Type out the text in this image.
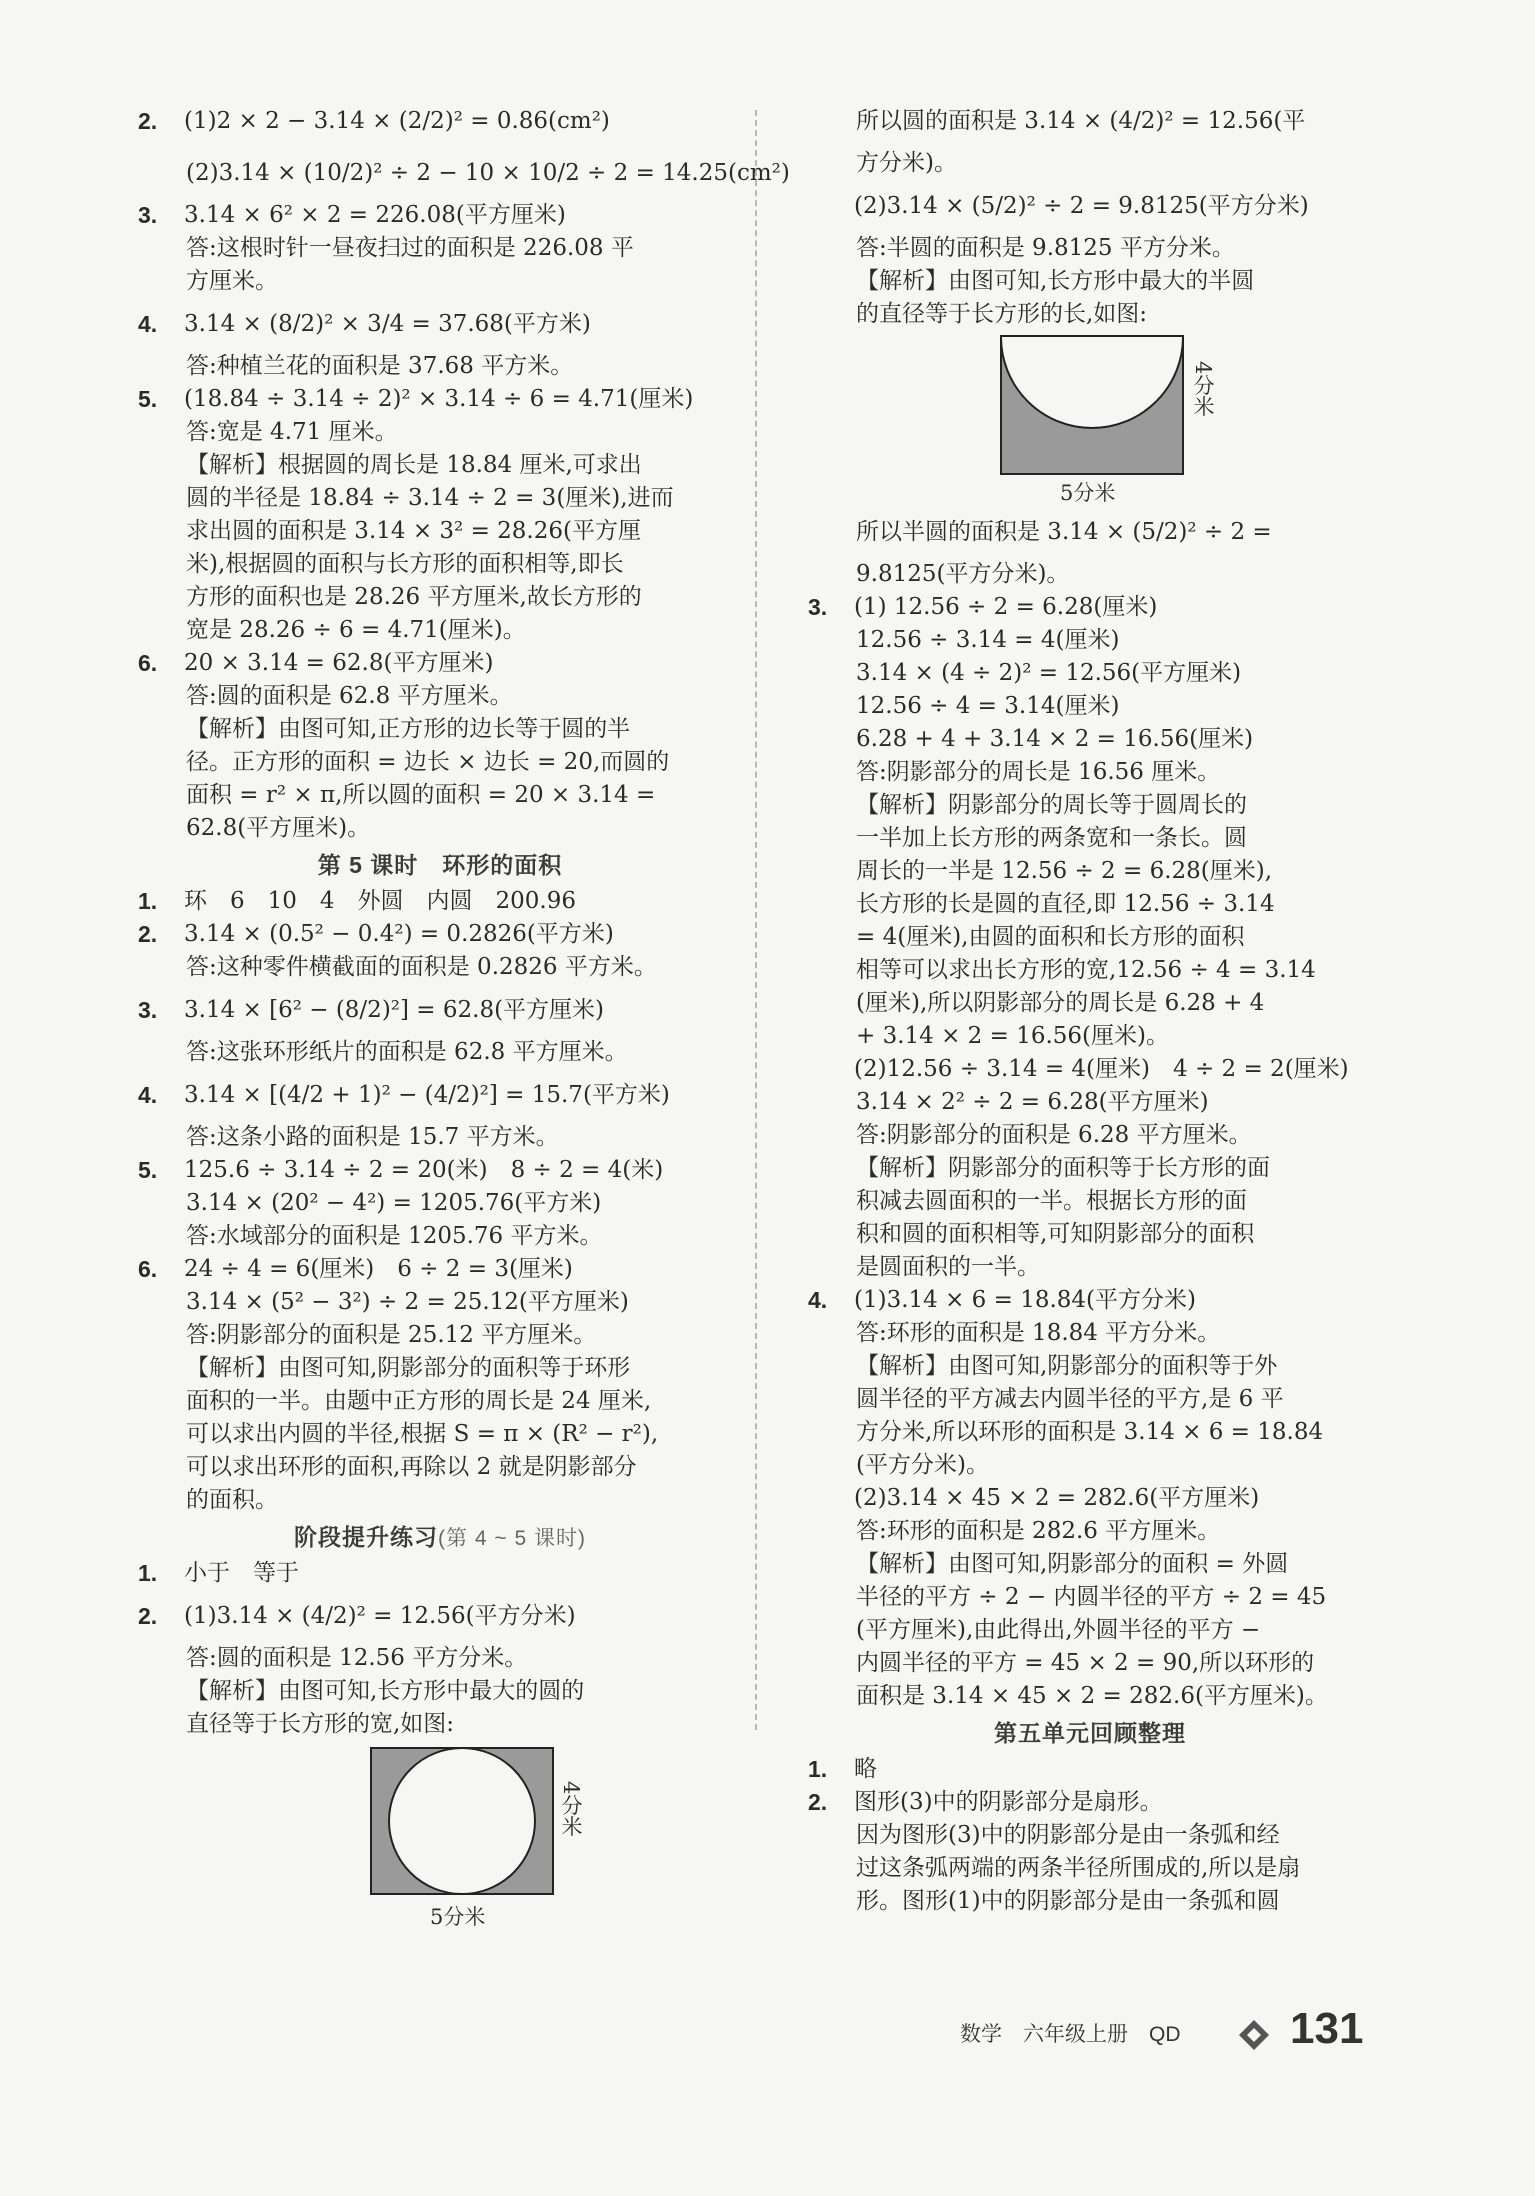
2.	(1)2 × 2 − 3.14 × (2/2)² = 0.86(cm²)
(2)3.14 × (10/2)² ÷ 2 − 10 × 10/2 ÷ 2 = 14.25(cm²)
3.	3.14 × 6² × 2 = 226.08(平方厘米)
答:这根时针一昼夜扫过的面积是 226.08 平
方厘米。
4.	3.14 × (8/2)² × 3/4 = 37.68(平方米)
答:种植兰花的面积是 37.68 平方米。
5.	(18.84 ÷ 3.14 ÷ 2)² × 3.14 ÷ 6 = 4.71(厘米)
答:宽是 4.71 厘米。
【解析】根据圆的周长是 18.84 厘米,可求出
圆的半径是 18.84 ÷ 3.14 ÷ 2 = 3(厘米),进而
求出圆的面积是 3.14 × 3² = 28.26(平方厘
米),根据圆的面积与长方形的面积相等,即长
方形的面积也是 28.26 平方厘米,故长方形的
宽是 28.26 ÷ 6 = 4.71(厘米)。
6.	20 × 3.14 = 62.8(平方厘米)
答:圆的面积是 62.8 平方厘米。
【解析】由图可知,正方形的边长等于圆的半
径。正方形的面积 = 边长 × 边长 = 20,而圆的
面积 = r² × π,所以圆的面积 = 20 × 3.14 =
62.8(平方厘米)。
第 5 课时　环形的面积
1.	环　6　10　4　外圆　内圆　200.96
2.	3.14 × (0.5² − 0.4²) = 0.2826(平方米)
答:这种零件横截面的面积是 0.2826 平方米。
3.	3.14 × [6² − (8/2)²] = 62.8(平方厘米)
答:这张环形纸片的面积是 62.8 平方厘米。
4.	3.14 × [(4/2 + 1)² − (4/2)²] = 15.7(平方米)
答:这条小路的面积是 15.7 平方米。
5.	125.6 ÷ 3.14 ÷ 2 = 20(米)　8 ÷ 2 = 4(米)
3.14 × (20² − 4²) = 1205.76(平方米)
答:水域部分的面积是 1205.76 平方米。
6.	24 ÷ 4 = 6(厘米)　6 ÷ 2 = 3(厘米)
3.14 × (5² − 3²) ÷ 2 = 25.12(平方厘米)
答:阴影部分的面积是 25.12 平方厘米。
【解析】由图可知,阴影部分的面积等于环形
面积的一半。由题中正方形的周长是 24 厘米,
可以求出内圆的半径,根据 S = π × (R² − r²),
可以求出环形的面积,再除以 2 就是阴影部分
的面积。
阶段提升练习(第 4 ~ 5 课时)
1.	小于　等于
2.	(1)3.14 × (4/2)² = 12.56(平方分米)
答:圆的面积是 12.56 平方分米。
【解析】由图可知,长方形中最大的圆的
直径等于长方形的宽,如图:
5分米
4分米
所以圆的面积是 3.14 × (4/2)² = 12.56(平
方分米)。
(2)3.14 × (5/2)² ÷ 2 = 9.8125(平方分米)
答:半圆的面积是 9.8125 平方分米。
【解析】由图可知,长方形中最大的半圆
的直径等于长方形的长,如图:
5分米
4分米
所以半圆的面积是 3.14 × (5/2)² ÷ 2 =
9.8125(平方分米)。
3.	(1) 12.56 ÷ 2 = 6.28(厘米)
12.56 ÷ 3.14 = 4(厘米)
3.14 × (4 ÷ 2)² = 12.56(平方厘米)
12.56 ÷ 4 = 3.14(厘米)
6.28 + 4 + 3.14 × 2 = 16.56(厘米)
答:阴影部分的周长是 16.56 厘米。
【解析】阴影部分的周长等于圆周长的
一半加上长方形的两条宽和一条长。圆
周长的一半是 12.56 ÷ 2 = 6.28(厘米),
长方形的长是圆的直径,即 12.56 ÷ 3.14
= 4(厘米),由圆的面积和长方形的面积
相等可以求出长方形的宽,12.56 ÷ 4 = 3.14
(厘米),所以阴影部分的周长是 6.28 + 4
+ 3.14 × 2 = 16.56(厘米)。
(2)12.56 ÷ 3.14 = 4(厘米)　4 ÷ 2 = 2(厘米)
3.14 × 2² ÷ 2 = 6.28(平方厘米)
答:阴影部分的面积是 6.28 平方厘米。
【解析】阴影部分的面积等于长方形的面
积减去圆面积的一半。根据长方形的面
积和圆的面积相等,可知阴影部分的面积
是圆面积的一半。
4.	(1)3.14 × 6 = 18.84(平方分米)
答:环形的面积是 18.84 平方分米。
【解析】由图可知,阴影部分的面积等于外
圆半径的平方减去内圆半径的平方,是 6 平
方分米,所以环形的面积是 3.14 × 6 = 18.84
(平方分米)。
(2)3.14 × 45 × 2 = 282.6(平方厘米)
答:环形的面积是 282.6 平方厘米。
【解析】由图可知,阴影部分的面积 = 外圆
半径的平方 ÷ 2 − 内圆半径的平方 ÷ 2 = 45
(平方厘米),由此得出,外圆半径的平方 −
内圆半径的平方 = 45 × 2 = 90,所以环形的
面积是 3.14 × 45 × 2 = 282.6(平方厘米)。
第五单元回顾整理
1.	略
2.	图形(3)中的阴影部分是扇形。
因为图形(3)中的阴影部分是由一条弧和经
过这条弧两端的两条半径所围成的,所以是扇
形。图形(1)中的阴影部分是由一条弧和圆
数学　六年级上册　QD 131
